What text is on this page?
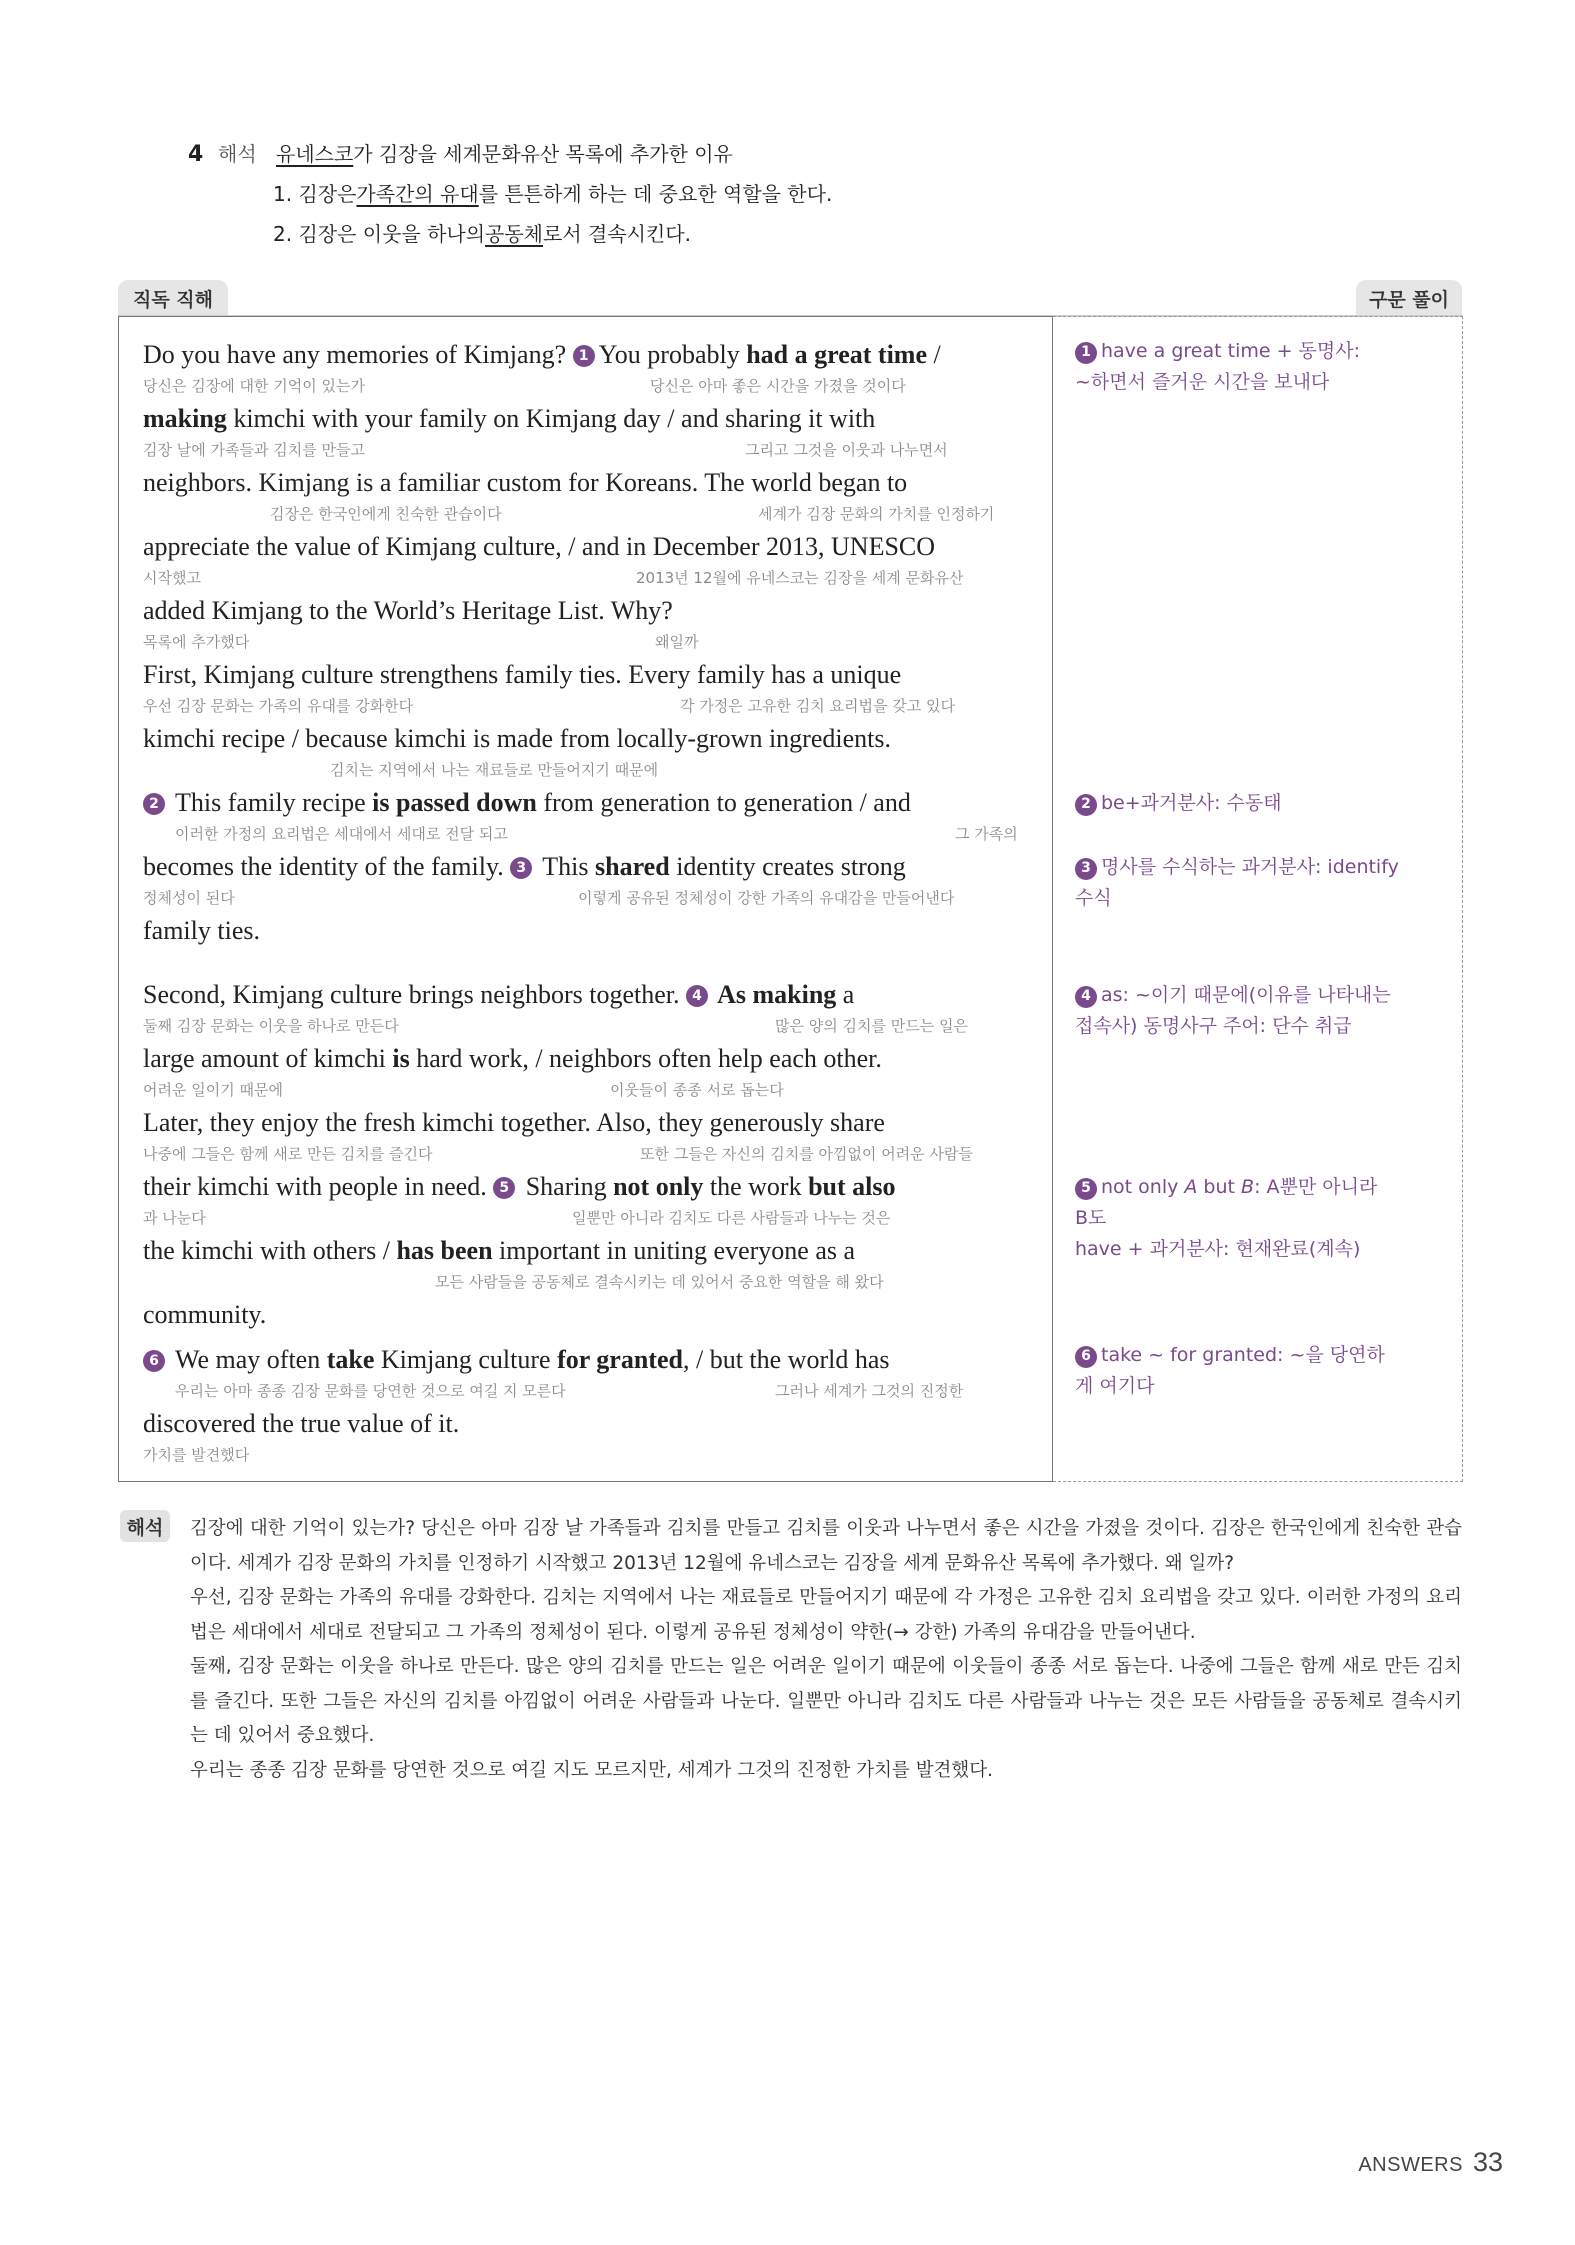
4 해석 유네스코 가 김장을 세계문화유산 목록에 추가한 이유
1. 김장은 가족간의 유대 를 튼튼하게 하는 데 중요한 역할을 한다.
2. 김장은 이웃을 하나의 공동체 로서 결속시킨다.
직독 직해	구문 풀이
Do you have any memories of Kimjang? 1 You probably had a great time /
당신은 김장에 대한 기억이 있는가	당신은 아마 좋은 시간을 가졌을 것이다
making kimchi with your family on Kimjang day / and sharing it with
김장 날에 가족들과 김치를 만들고	그리고 그것을 이웃과 나누면서
neighbors. Kimjang is a familiar custom for Koreans. The world began to
김장은 한국인에게 친숙한 관습이다	세계가 김장 문화의 가치를 인정하기
appreciate the value of Kimjang culture, / and in December 2013, UNESCO
시작했고	2013년 12월에 유네스코는 김장을 세계 문화유산
added Kimjang to the World’s Heritage List. Why?
목록에 추가했다	왜일까
First, Kimjang culture strengthens family ties. Every family has a unique
우선 김장 문화는 가족의 유대를 강화한다	각 가정은 고유한 김치 요리법을 갖고 있다
kimchi recipe / because kimchi is made from locally-grown ingredients.
김치는 지역에서 나는 재료들로 만들어지기 때문에
2 This family recipe is passed down from generation to generation / and
이러한 가정의 요리법은 세대에서 세대로 전달 되고	그 가족의
becomes the identity of the family. 3 This shared identity creates strong
정체성이 된다	이렇게 공유된 정체성이 강한 가족의 유대감을 만들어낸다
family ties.
Second, Kimjang culture brings neighbors together. 4 As making a
둘째 김장 문화는 이웃을 하나로 만든다	많은 양의 김치를 만드는 일은
large amount of kimchi is hard work, / neighbors often help each other.
어려운 일이기 때문에	이웃들이 종종 서로 돕는다
Later, they enjoy the fresh kimchi together. Also, they generously share
나중에 그들은 함께 새로 만든 김치를 즐긴다	또한 그들은 자신의 김치를 아낌없이 어려운 사람들
their kimchi with people in need. 5 Sharing not only the work but also
과 나눈다	일뿐만 아니라 김치도 다른 사람들과 나누는 것은
the kimchi with others / has been important in uniting everyone as a
모든 사람들을 공동체로 결속시키는 데 있어서 중요한 역할을 해 왔다
community.
6 We may often take Kimjang culture for granted, / but the world has
우리는 아마 종종 김장 문화를 당연한 것으로 여길 지 모른다	그러나 세계가 그것의 진정한
discovered the true value of it.
가치를 발견했다
1 have a great time + 동명사:
~하면서 즐거운 시간을 보내다
2 be+과거분사: 수동태
3 명사를 수식하는 과거분사: identify
수식
4 as: ~이기 때문에(이유를 나타내는
접속사) 동명사구 주어: 단수 취급
5 not only A but B: A뿐만 아니라
B도
have + 과거분사: 현재완료(계속)
6 take ~ for granted: ~을 당연하
게 여기다
해석	김장에 대한 기억이 있는가? 당신은 아마 김장 날 가족들과 김치를 만들고 김치를 이웃과 나누면서 좋은 시간을 가졌을 것이다. 김장은 한국인에게 친숙한 관습이다. 세계가 김장 문화의 가치를 인정하기 시작했고 2013년 12월에 유네스코는 김장을 세계 문화유산 목록에 추가했다. 왜 일까?

우선, 김장 문화는 가족의 유대를 강화한다. 김치는 지역에서 나는 재료들로 만들어지기 때문에 각 가정은 고유한 김치 요리법을 갖고 있다. 이러한 가정의 요리법은 세대에서 세대로 전달되고 그 가족의 정체성이 된다. 이렇게 공유된 정체성이 약한(→ 강한) 가족의 유대감을 만들어낸다.

둘째, 김장 문화는 이웃을 하나로 만든다. 많은 양의 김치를 만드는 일은 어려운 일이기 때문에 이웃들이 종종 서로 돕는다. 나중에 그들은 함께 새로 만든 김치를 즐긴다. 또한 그들은 자신의 김치를 아낌없이 어려운 사람들과 나눈다. 일뿐만 아니라 김치도 다른 사람들과 나누는 것은 모든 사람들을 공동체로 결속시키는 데 있어서 중요했다.

우리는 종종 김장 문화를 당연한 것으로 여길 지도 모르지만, 세계가 그것의 진정한 가치를 발견했다.

ANSWERS 33
